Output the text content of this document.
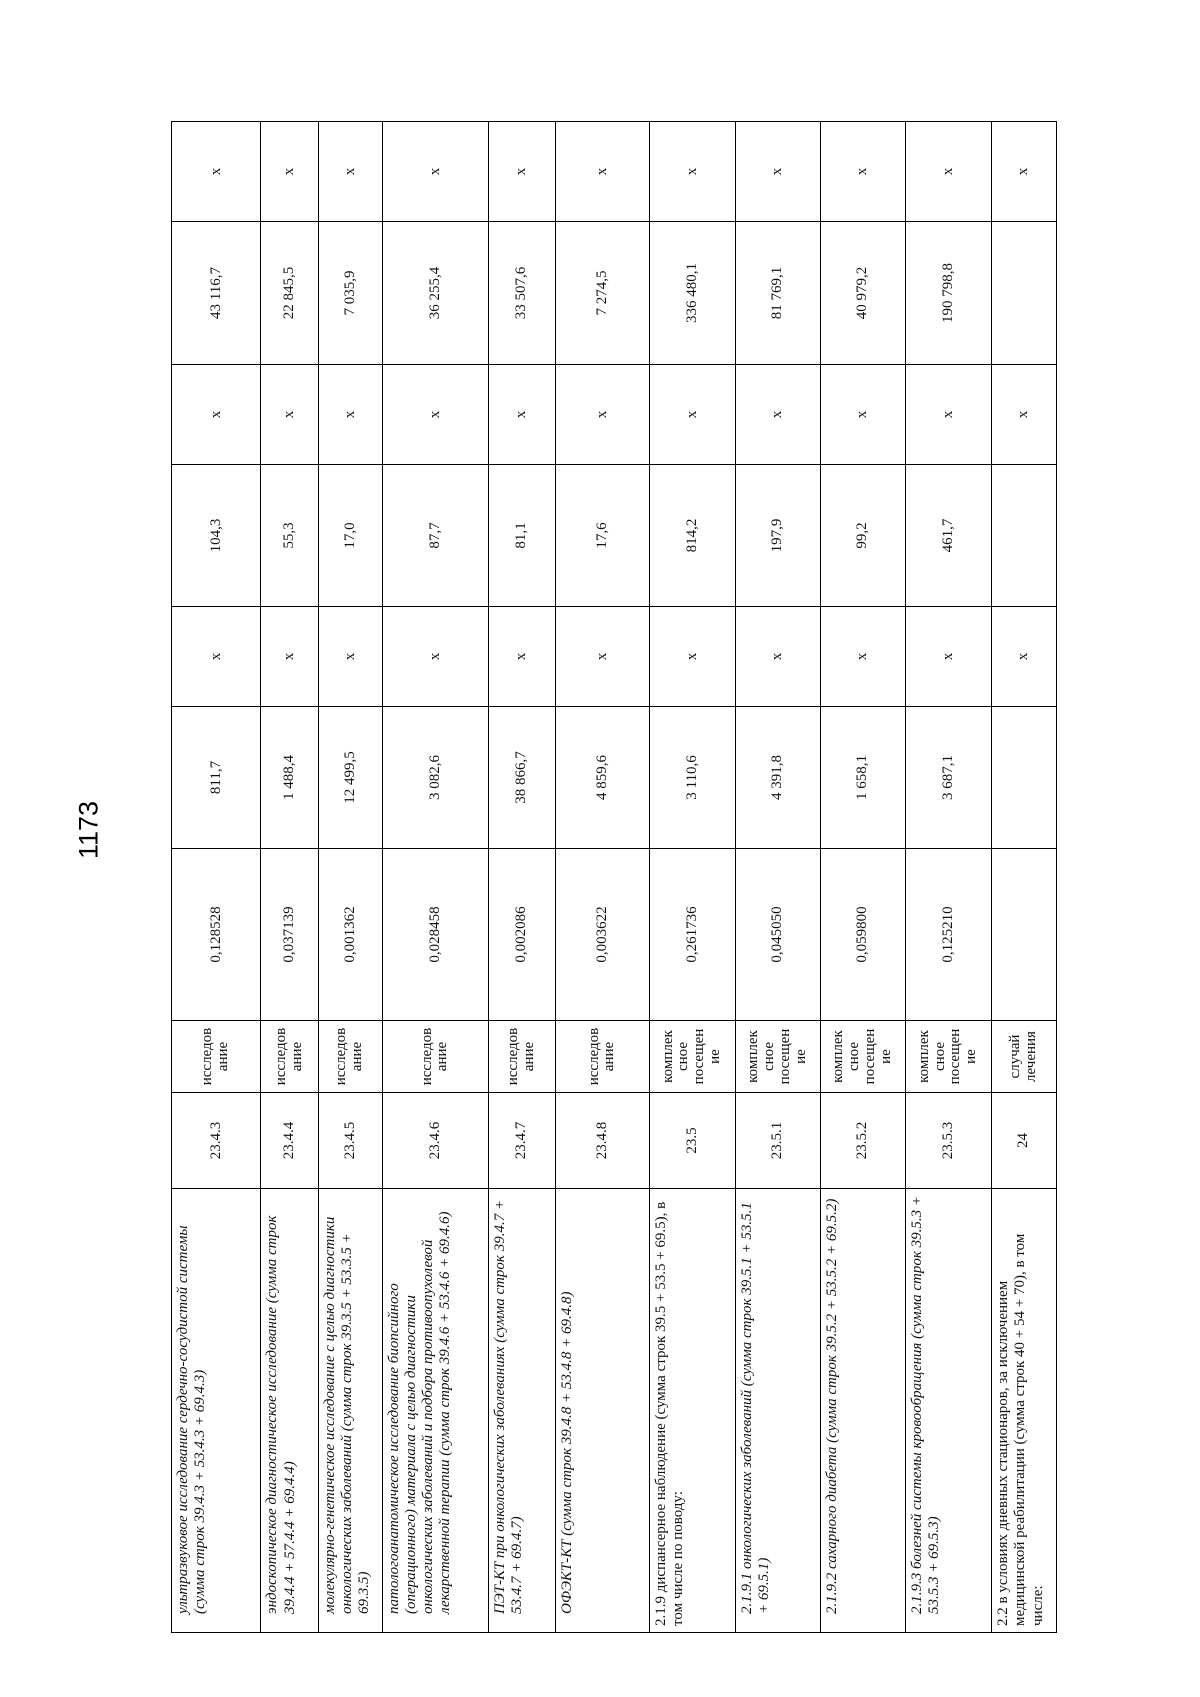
1173
ультразвуковое исследование сердечно-сосудистой системы (сумма строк 39.4.3 + 53.4.3 + 69.4.3)	23.4.3	исследов ание	0,128528	811,7	х	104,3	х	43 116,7	х
эндоскопическое диагностическое исследование (сумма строк 39.4.4 + 57.4.4 + 69.4.4)	23.4.4	исследов ание	0,037139	1 488,4	х	55,3	х	22 845,5	х
молекулярно-генетическое исследование с целью диагностики онкологических заболеваний (сумма строк 39.3.5 + 53.3.5 + 69.3.5)	23.4.5	исследов ание	0,001362	12 499,5	х	17,0	х	7 035,9	х
патологоанатомическое исследование биопсийного (операционного) материала с целью диагностики онкологических заболеваний и подбора противоопухолевой лекарственной терапии (сумма строк 39.4.6 + 53.4.6 + 69.4.6)	23.4.6	исследов ание	0,028458	3 082,6	х	87,7	х	36 255,4	х
ПЭТ-КТ при онкологических заболеваниях (сумма строк 39.4.7 + 53.4.7 + 69.4.7)	23.4.7	исследов ание	0,002086	38 866,7	х	81,1	х	33 507,6	х
ОФЭКТ-КТ (сумма строк 39.4.8 + 53.4.8 + 69.4.8)	23.4.8	исследов ание	0,003622	4 859,6	х	17,6	х	7 274,5	х
2.1.9 диспансерное наблюдение (сумма строк 39.5 + 53.5 + 69.5), в том числе по поводу:	23.5	комплек сное посещен ие	0,261736	3 110,6	х	814,2	х	336 480,1	х
2.1.9.1 онкологических заболеваний (сумма строк 39.5.1 + 53.5.1 + 69.5.1)	23.5.1	комплек сное посещен ие	0,045050	4 391,8	х	197,9	х	81 769,1	х
2.1.9.2 сахарного диабета (сумма строк 39.5.2 + 53.5.2 + 69.5.2)	23.5.2	комплек сное посещен ие	0,059800	1 658,1	х	99,2	х	40 979,2	х
2.1.9.3 болезней системы кровообращения (сумма строк 39.5.3 + 53.5.3 + 69.5.3)	23.5.3	комплек сное посещен ие	0,125210	3 687,1	х	461,7	х	190 798,8	х
2.2 в условиях дневных стационаров, за исключением медицинской реабилитации (сумма строк 40 + 54 + 70), в том числе:	24	случай лечения			х		х		х
